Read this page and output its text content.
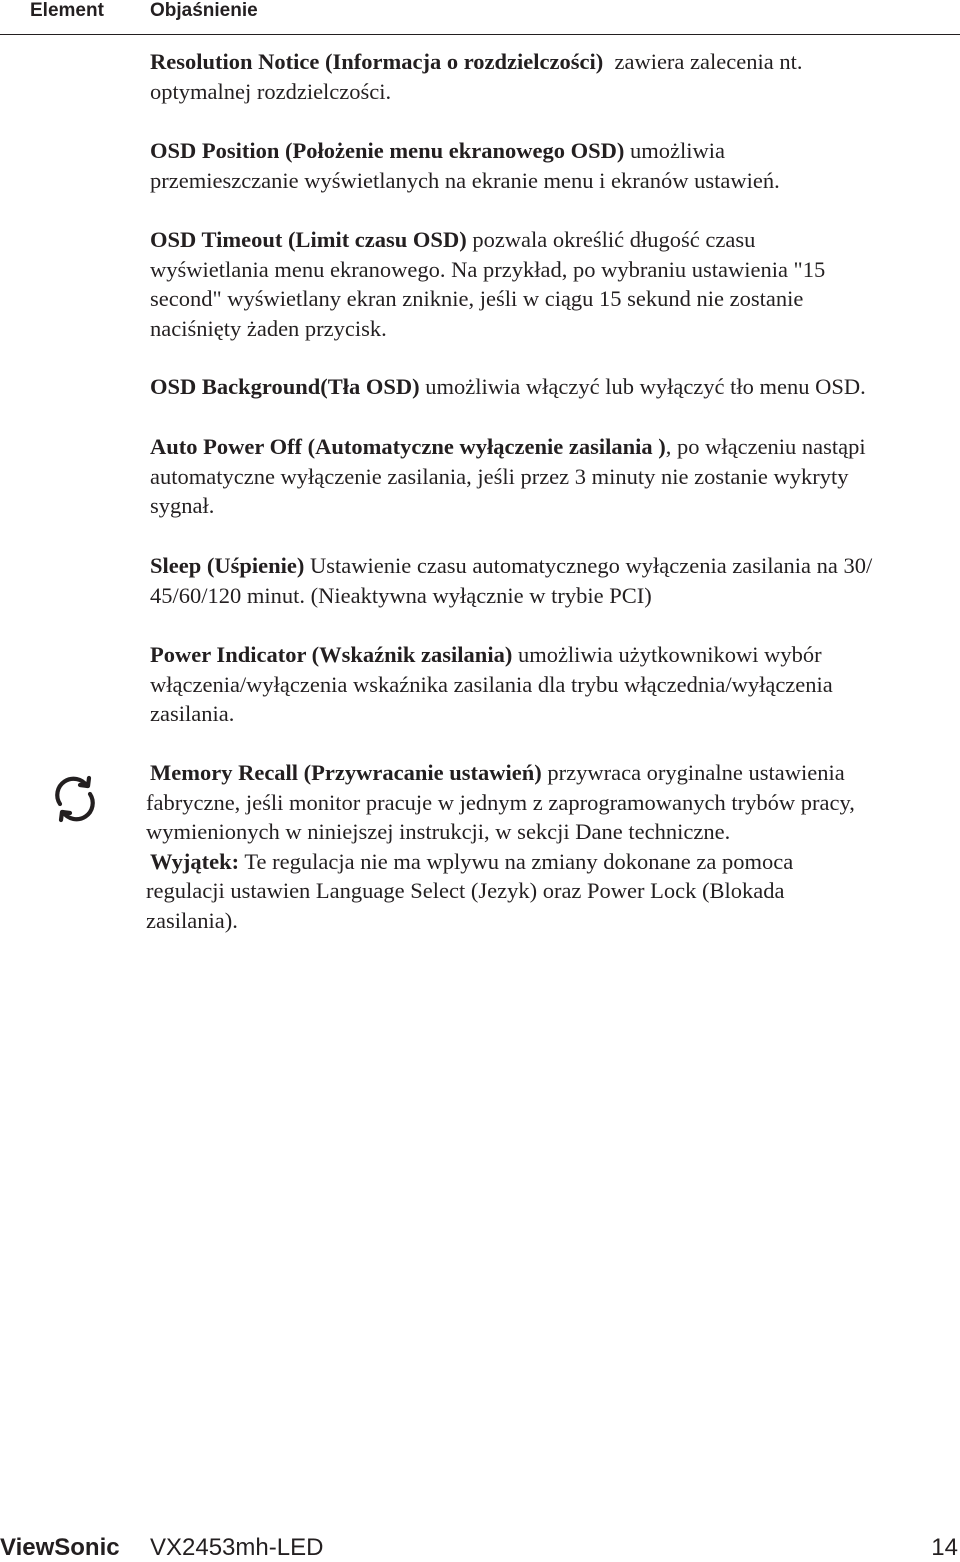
Element Objaśnienie
Resolution Notice (Informacja o rozdzielczości)  zawiera zalecenia nt.
optymalnej rozdzielczości.
OSD Position (Położenie menu ekranowego OSD) umożliwia
przemieszczanie wyświetlanych na ekranie menu i ekranów ustawień.
OSD Timeout (Limit czasu OSD) pozwala określić długość czasu
wyświetlania menu ekranowego. Na przykład, po wybraniu ustawienia "15
second" wyświetlany ekran zniknie, jeśli w ciągu 15 sekund nie zostanie
naciśnięty żaden przycisk.
OSD Background(Tła OSD) umożliwia włączyć lub wyłączyć tło menu OSD.
Auto Power Off (Automatyczne wyłączenie zasilania ), po włączeniu nastąpi
automatyczne wyłączenie zasilania, jeśli przez 3 minuty nie zostanie wykryty
sygnał.
Sleep (Uśpienie) Ustawienie czasu automatycznego wyłączenia zasilania na 30/
45/60/120 minut. (Nieaktywna wyłącznie w trybie PCI)
Power Indicator (Wskaźnik zasilania) umożliwia użytkownikowi wybór
włączenia/wyłączenia wskaźnika zasilania dla trybu włączednia/wyłączenia
zasilania.
Memory Recall (Przywracanie ustawień) przywraca oryginalne ustawienia
fabryczne, jeśli monitor pracuje w jednym z zaprogramowanych trybów pracy,
wymienionych w niniejszej instrukcji, w sekcji Dane techniczne.
Wyjątek: Te regulacja nie ma wplywu na zmiany dokonane za pomoca
regulacji ustawien Language Select (Jezyk) oraz Power Lock (Blokada
zasilania).
ViewSonic VX2453mh-LED	14
